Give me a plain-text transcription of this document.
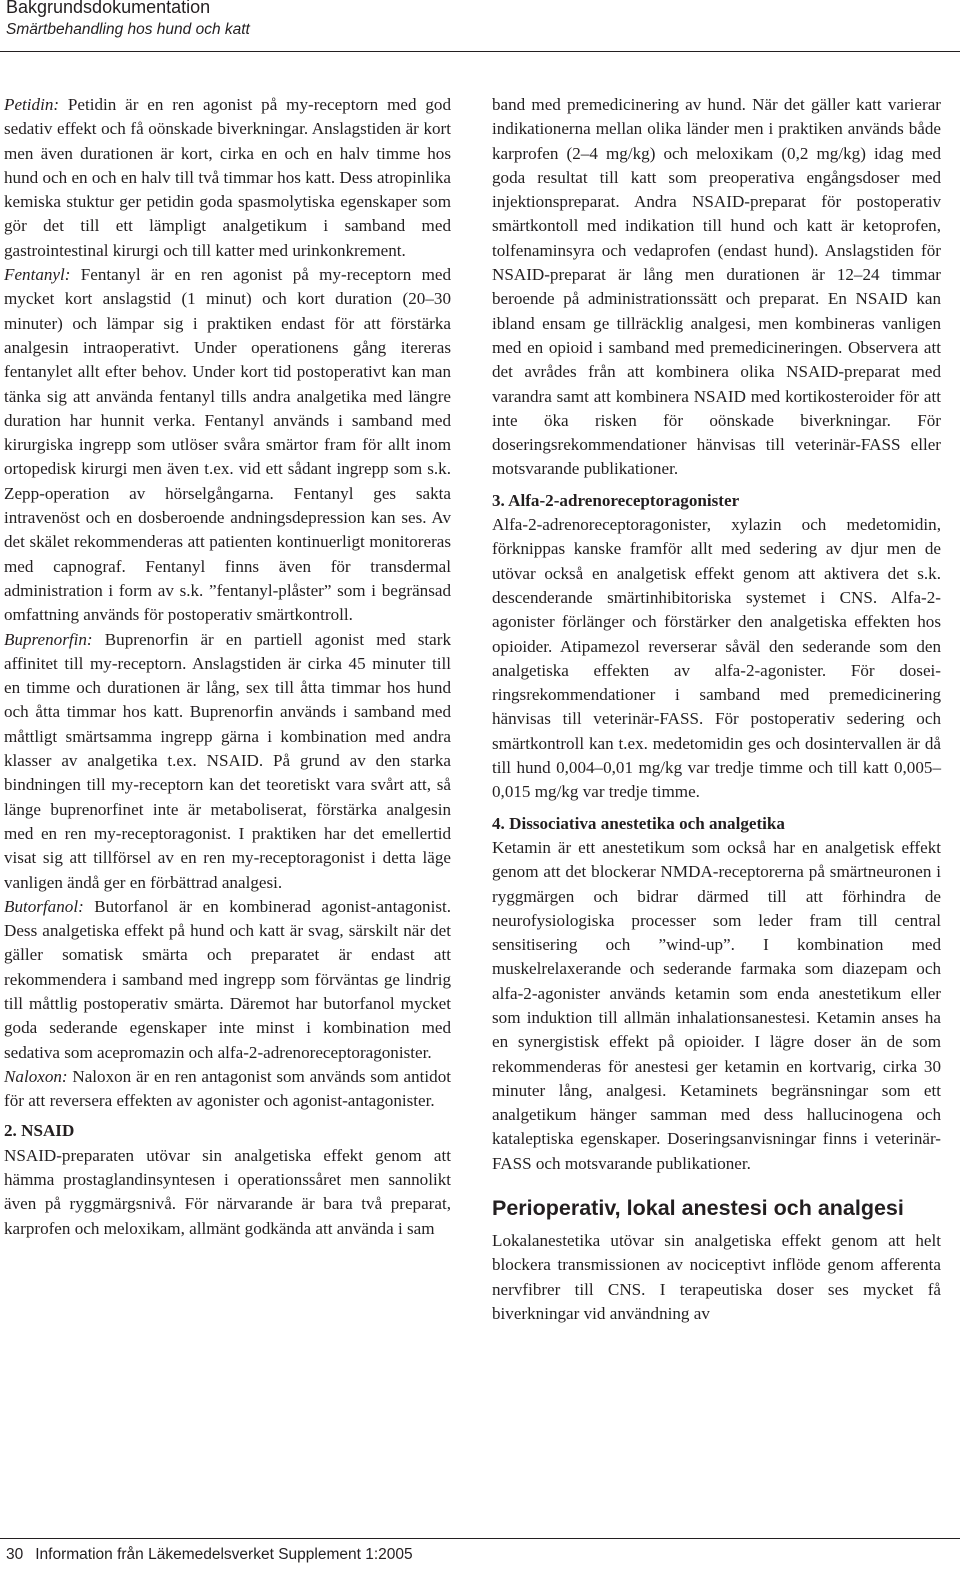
Bakgrundsdokumentation
Smärtbehandling hos hund och katt

Petidin: Petidin är en ren agonist på my-receptorn med god sedativ effekt och få oönskade biverkningar. Anslagstiden är kort men även durationen är kort, cirka en och en halv timme hos hund och en och en halv till två timmar hos katt. Dess atropinlika kemiska stuktur ger petidin goda spasmolytiska egenskaper som gör det till ett lämpligt analgetikum i samband med gastrointestinal kirurgi och till katter med urinkonkrement.

Fentanyl: Fentanyl är en ren agonist på my-receptorn med mycket kort anslagstid (1 minut) och kort duration (20–30 minuter) och lämpar sig i praktiken endast för att förstärka analgesin intraoperativt. Under operationens gång itereras fentanylet allt efter behov. Under kort tid postoperativt kan man tänka sig att använda fentanyl tills andra analgetika med längre duration har hunnit verka. Fentanyl används i samband med kirurgiska ingrepp som utlöser svåra smärtor fram för allt inom ortopedisk kirurgi men även t.ex. vid ett sådant ingrepp som s.k. Zepp-operation av hörselgångarna. Fentanyl ges sakta intravenöst och en dosberoende andningsdepression kan ses. Av det skälet rekommenderas att patienten kontinuerligt monitoreras med capnograf. Fentanyl finns även för transdermal administration i form av s.k. ”fentanyl-plåster” som i begränsad omfattning används för postoperativ smärtkontroll.

Buprenorfin: Buprenorfin är en partiell agonist med stark affinitet till my-receptorn. Anslagstiden är cirka 45 minuter till en timme och durationen är lång, sex till åtta timmar hos hund och åtta timmar hos katt. Buprenorfin används i samband med måttligt smärtsamma ingrepp gärna i kombination med andra klasser av analgetika t.ex. NSAID. På grund av den starka bindningen till my-receptorn kan det teoretiskt vara svårt att, så länge buprenorfinet inte är metaboliserat, förstärka analgesin med en ren my-receptoragonist. I praktiken har det emellertid visat sig att tillförsel av en ren my-receptoragonist i detta läge vanligen ändå ger en förbättrad analgesi.

Butorfanol: Butorfanol är en kombinerad agonist-antagonist. Dess analgetiska effekt på hund och katt är svag, särskilt när det gäller somatisk smärta och preparatet är endast att rekommendera i samband med ingrepp som förväntas ge lindrig till måttlig postoperativ smärta. Däremot har butorfanol mycket goda sederande egenskaper inte minst i kombination med sedativa som acepromazin och alfa-2-adrenoreceptoragonister.

Naloxon: Naloxon är en ren antagonist som används som antidot för att reversera effekten av agonister och agonist-antagonister.

2. NSAID

NSAID-preparaten utövar sin analgetiska effekt genom att hämma prostaglandinsyntesen i operationssåret men sannolikt även på ryggmärgsnivå. För närvarande är bara två preparat, karprofen och meloxikam, allmänt godkända att använda i sam

band med premedicinering av hund. När det gäller katt varierar indikationerna mellan olika länder men i praktiken används både karprofen (2–4 mg/kg) och meloxikam (0,2 mg/kg) idag med goda resultat till katt som preoperativa engångsdoser med injektionspreparat. Andra NSAID-preparat för postoperativ smärtkontoll med indikation till hund och katt är ketoprofen, tolfenaminsyra och vedaprofen (endast hund). Anslagstiden för NSAID-preparat är lång men durationen är 12–24 timmar beroende på administrationssätt och preparat. En NSAID kan ibland ensam ge tillräcklig analgesi, men kombineras vanligen med en opioid i samband med premedicineringen. Observera att det avrådes från att kombinera olika NSAID-preparat med varandra samt att kombinera NSAID med kortikosteroider för att inte öka risken för oönskade biverkningar. För doseringsrekommendationer hänvisas till veterinär-FASS eller motsvarande publikationer.

3. Alfa-2-adrenoreceptoragonister

Alfa-2-adrenoreceptoragonister, xylazin och medetomidin, förknippas kanske framför allt med sedering av djur men de utövar också en analgetisk effekt genom att aktivera det s.k. descenderande smärtinhibitoriska systemet i CNS. Alfa-2-agonister förlänger och förstärker den analgetiska effekten hos opioider. Atipamezol reverserar såväl den sederande som den analgetiska effekten av alfa-2-agonister. För doseiringsrekommendationer i samband med premedicinering hänvisas till veterinär-FASS. För postoperativ sedering och smärtkontroll kan t.ex. medetomidin ges och dosintervallen är då till hund 0,004–0,01 mg/kg var tredje timme och till katt 0,005–0,015 mg/kg var tredje timme.

4. Dissociativa anestetika och analgetika

Ketamin är ett anestetikum som också har en analgetisk effekt genom att det blockerar NMDA-receptorerna på smärtneuronen i ryggmärgen och bidrar därmed till att förhindra de neurofysiologiska processer som leder fram till central sensitisering och ”wind-up”. I kombination med muskelrelaxerande och sederande farmaka som diazepam och alfa-2-agonister används ketamin som enda anestetikum eller som induktion till allmän inhalationsanestesi. Ketamin anses ha en synergistisk effekt på opioider. I lägre doser än de som rekommenderas för anestesi ger ketamin en kortvarig, cirka 30 minuter lång, analgesi. Ketaminets begränsningar som ett analgetikum hänger samman med dess hallucinogena och kataleptiska egenskaper. Doseringsanvisningar finns i veterinär-FASS och motsvarande publikationer.

Perioperativ, lokal anestesi och analgesi

Lokalanestetika utövar sin analgetiska effekt genom att helt blockera transmissionen av nociceptivt inflöde genom afferenta nervfibrer till CNS. I terapeutiska doser ses mycket få biverkningar vid användning av

30 Information från Läkemedelsverket Supplement 1:2005
